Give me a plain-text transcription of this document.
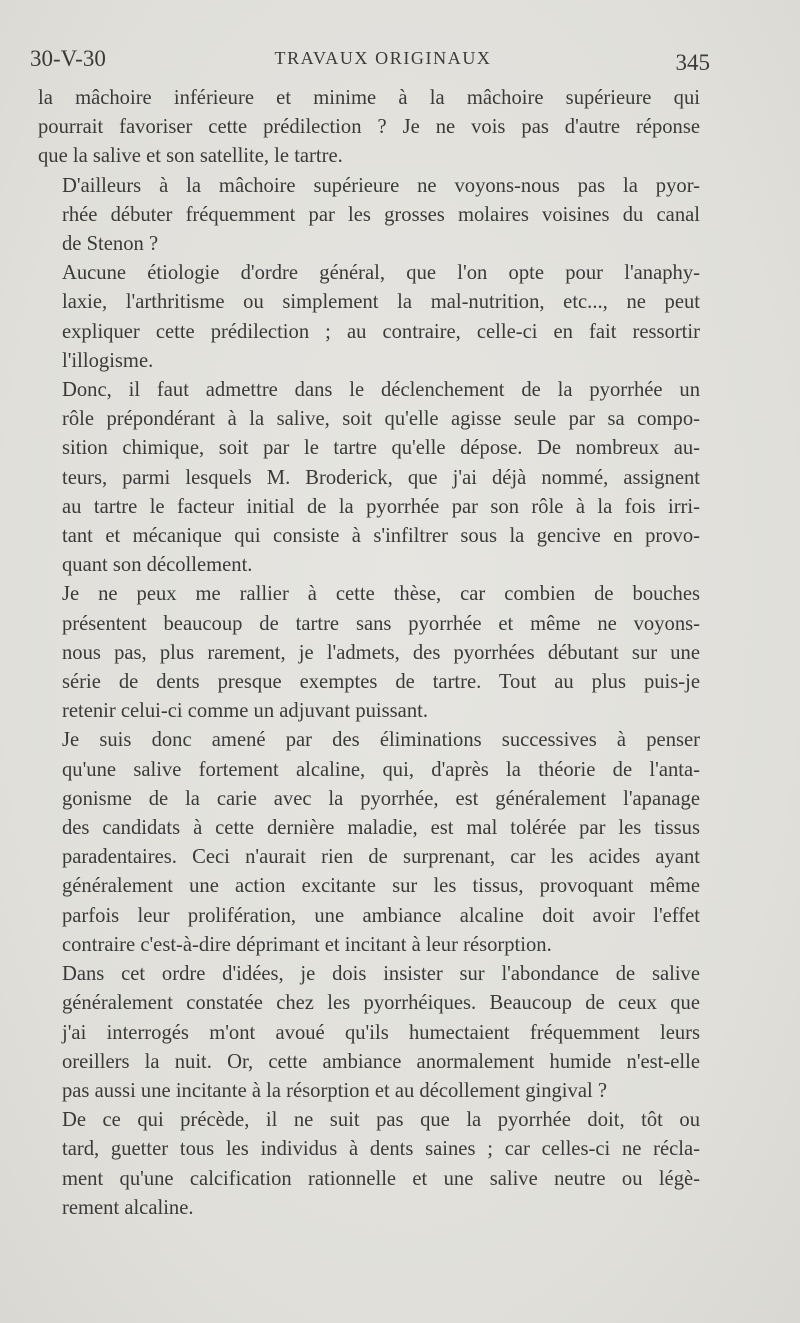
30-V-30	TRAVAUX ORIGINAUX	345

la mâchoire inférieure et minime à la mâchoire supérieure qui
pourrait favoriser cette prédilection ? Je ne vois pas d'autre réponse
que la salive et son satellite, le tartre.

D'ailleurs à la mâchoire supérieure ne voyons-nous pas la pyor-
rhée débuter fréquemment par les grosses molaires voisines du canal
de Stenon ?

Aucune étiologie d'ordre général, que l'on opte pour l'anaphy-
laxie, l'arthritisme ou simplement la mal-nutrition, etc..., ne peut
expliquer cette prédilection ; au contraire, celle-ci en fait ressortir
l'illogisme.

Donc, il faut admettre dans le déclenchement de la pyorrhée un
rôle prépondérant à la salive, soit qu'elle agisse seule par sa compo-
sition chimique, soit par le tartre qu'elle dépose. De nombreux au-
teurs, parmi lesquels M. Broderick, que j'ai déjà nommé, assignent
au tartre le facteur initial de la pyorrhée par son rôle à la fois irri-
tant et mécanique qui consiste à s'infiltrer sous la gencive en provo-
quant son décollement.

Je ne peux me rallier à cette thèse, car combien de bouches
présentent beaucoup de tartre sans pyorrhée et même ne voyons-
nous pas, plus rarement, je l'admets, des pyorrhées débutant sur une
série de dents presque exemptes de tartre. Tout au plus puis-je
retenir celui-ci comme un adjuvant puissant.

Je suis donc amené par des éliminations successives à penser
qu'une salive fortement alcaline, qui, d'après la théorie de l'anta-
gonisme de la carie avec la pyorrhée, est généralement l'apanage
des candidats à cette dernière maladie, est mal tolérée par les tissus
paradentaires. Ceci n'aurait rien de surprenant, car les acides ayant
généralement une action excitante sur les tissus, provoquant même
parfois leur prolifération, une ambiance alcaline doit avoir l'effet
contraire c'est-à-dire déprimant et incitant à leur résorption.

Dans cet ordre d'idées, je dois insister sur l'abondance de salive
généralement constatée chez les pyorrhéiques. Beaucoup de ceux que
j'ai interrogés m'ont avoué qu'ils humectaient fréquemment leurs
oreillers la nuit. Or, cette ambiance anormalement humide n'est-elle
pas aussi une incitante à la résorption et au décollement gingival ?

De ce qui précède, il ne suit pas que la pyorrhée doit, tôt ou
tard, guetter tous les individus à dents saines ; car celles-ci ne récla-
ment qu'une calcification rationnelle et une salive neutre ou légè-
rement alcaline.
